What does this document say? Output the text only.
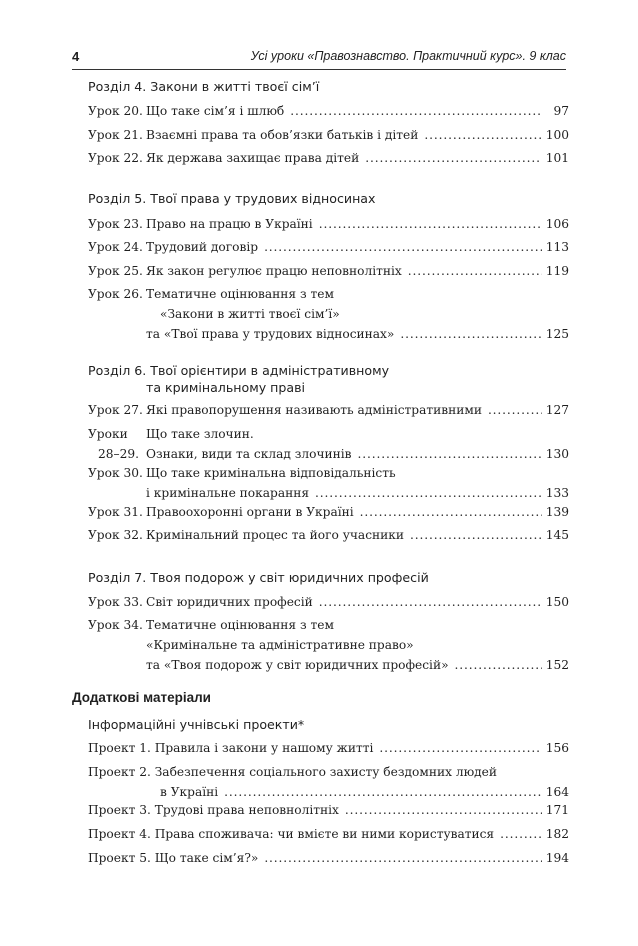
4	Усі уроки «Правознавство. Практичний курс». 9 клас
Розділ 4. Закони в житті твоєї сім’ї
Урок 20. Що таке сім’я і шлюб . . .	97
Урок 21. Взаємні права та обов’язки батьків і дітей . . .	100
Урок 22. Як держава захищає права дітей . . .	101
Розділ 5. Твої права у трудових відносинах
Урок 23. Право на працю в Україні . . .	106
Урок 24. Трудовий договір . . .	113
Урок 25. Як закон регулює працю неповнолітніх . . .	119
Урок 26. Тематичне оцінювання з тем
«Закони в житті твоєї сім’ї»
та «Твої права у трудових відносинах» . . .	125
Розділ 6. Твої орієнтири в адміністративному
та кримінальному праві
Урок 27. Які правопорушення називають адміністративними . . .	127
Уроки	Що таке злочин.
28–29. Ознаки, види та склад злочинів . . .	130
Урок 30. Що таке кримінальна відповідальність
і кримінальне покарання . . .	133
Урок 31. Правоохоронні органи в Україні . . .	139
Урок 32. Кримінальний процес та його учасники . . .	145
Розділ 7. Твоя подорож у світ юридичних професій
Урок 33. Світ юридичних професій . . .	150
Урок 34. Тематичне оцінювання з тем
«Кримінальне та адміністративне право»
та «Твоя подорож у світ юридичних професій» . . .	152
Додаткові матеріали
Інформаційні учнівські проекти*
Проект 1.
Правила і закони у нашому житті . . .	156
Проект 2.
Забезпечення соціального захисту бездомних людей
в Україні . . .	164
Проект 3.
Трудові права неповнолітніх . . .	171
Проект 4.
Права споживача: чи вмієте ви ними користуватися . . .	182
Проект 5.
Що таке сім’я?» . . .	194
